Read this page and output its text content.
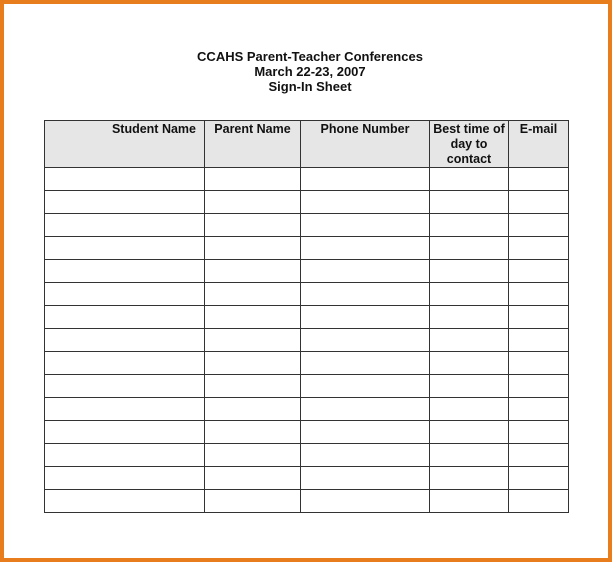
CCAHS Parent-Teacher Conferences
March 22-23, 2007
Sign-In Sheet
Student Name	Parent Name	Phone Number	Best time of day to contact	E-mail
